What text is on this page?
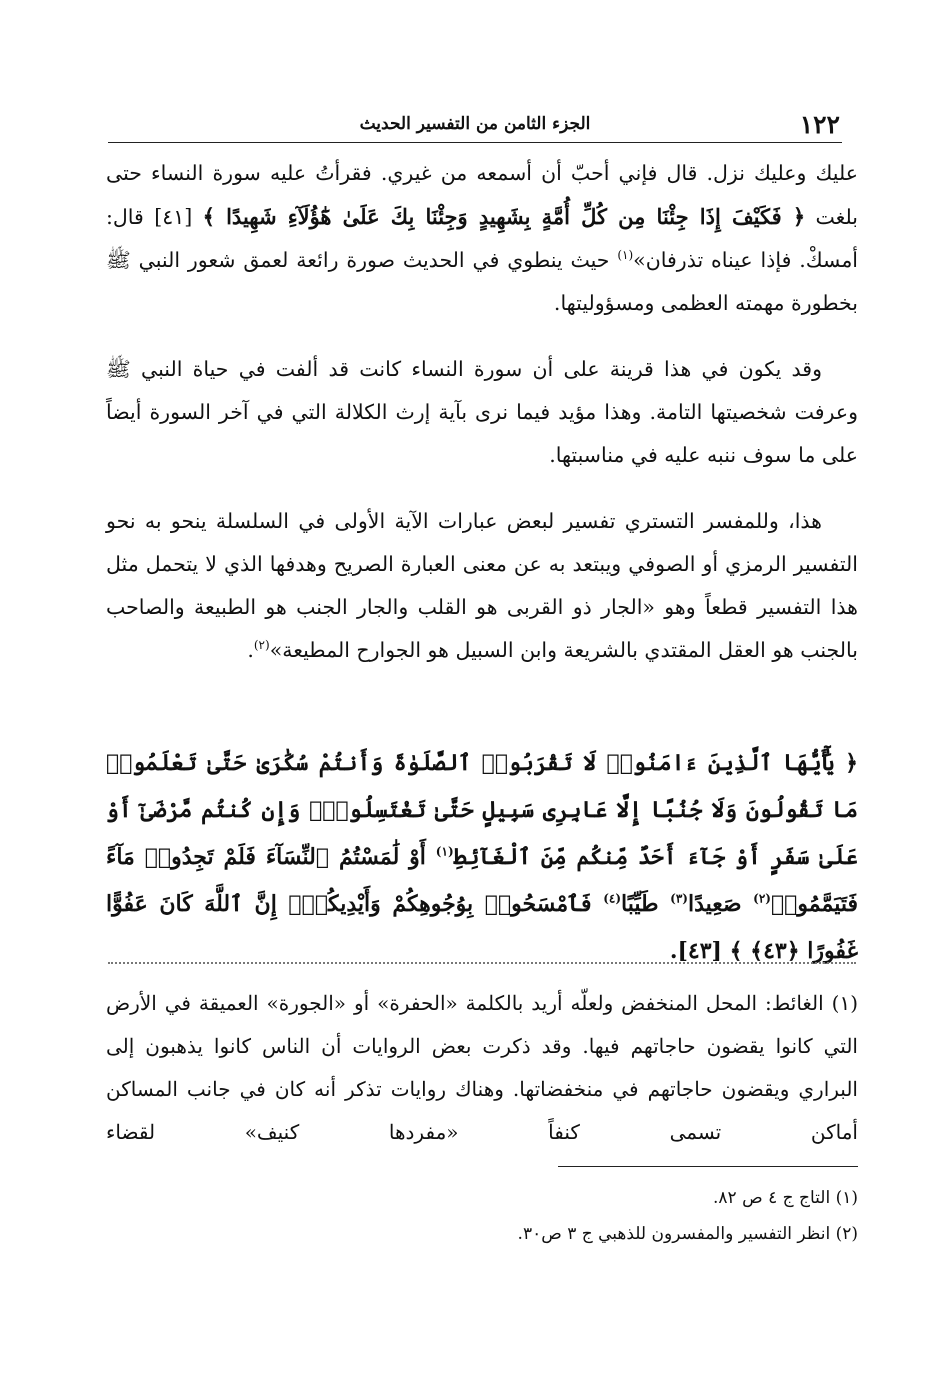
١٢٢
الجزء الثامن من التفسير الحديث

عليك وعليك نزل. قال فإني أحبّ أن أسمعه من غيري. فقرأتُ عليه سورة النساء حتى بلغت ﴿ فَكَيْفَ إِذَا جِئْنَا مِن كُلِّ أُمَّةٍ بِشَهِيدٍ وَجِئْنَا بِكَ عَلَىٰ هَٰٓؤُلَآءِ شَهِيدًا ﴾ [٤١] قال: أمسكْ. فإذا عيناه تذرفان»$^{(١)}$ حيث ينطوي في الحديث صورة رائعة لعمق شعور النبي ﷺ بخطورة مهمته العظمى ومسؤوليتها.

وقد يكون في هذا قرينة على أن سورة النساء كانت قد ألفت في حياة النبي ﷺ وعرفت شخصيتها التامة. وهذا مؤيد فيما نرى بآية إرث الكلالة التي في آخر السورة أيضاً على ما سوف ننبه عليه في مناسبتها.

هذا، وللمفسر التستري تفسير لبعض عبارات الآية الأولى في السلسلة ينحو به نحو التفسير الرمزي أو الصوفي ويبتعد به عن معنى العبارة الصريح وهدفها الذي لا يتحمل مثل هذا التفسير قطعاً وهو «الجار ذو القربى هو القلب والجار الجنب هو الطبيعة والصاحب بالجنب هو العقل المقتدي بالشريعة وابن السبيل هو الجوارح المطيعة»$^{(٢)}$.

﴿ يَٰٓأَيُّهَا ٱلَّذِينَ ءَامَنُوا۟ لَا تَقْرَبُوا۟ ٱلصَّلَوٰةَ وَأَنتُمْ سُكَٰرَىٰ حَتَّىٰ تَعْلَمُوا۟ مَا تَقُولُونَ وَلَا جُنُبًا إِلَّا عَابِرِى سَبِيلٍ حَتَّىٰ تَغْتَسِلُوا۟ۚ وَإِن كُنتُم مَّرْضَىٰٓ أَوْ عَلَىٰ سَفَرٍ أَوْ جَآءَ أَحَدٌ مِّنكُم مِّنَ ٱلْغَآئِطِ$^{(١)}$ أَوْ لَٰمَسْتُمُ ٱلنِّسَآءَ فَلَمْ تَجِدُوا۟ مَآءً فَتَيَمَّمُوا۟$^{(٢)}$ صَعِيدًا$^{(٣)}$ طَيِّبًا$^{(٤)}$ فَٱمْسَحُوا۟ بِوُجُوهِكُمْ وَأَيْدِيكُمْۗ إِنَّ ٱللَّهَ كَانَ عَفُوًّا غَفُورًا ﴿٤٣﴾ ﴾ [٤٣].
(١) الغائط: المحل المنخفض ولعلّه أريد بالكلمة «الحفرة» أو «الجورة» العميقة في الأرض التي كانوا يقضون حاجاتهم فيها. وقد ذكرت بعض الروايات أن الناس كانوا يذهبون إلى البراري ويقضون حاجاتهم في منخفضاتها. وهناك روايات تذكر أنه كان في جانب المساكن أماكن تسمى كنفاً «مفردها كنيف» لقضاء
(١) التاج ج ٤ ص ٨٢.
(٢) انظر التفسير والمفسرون للذهبي ج ٣ ص٣٠.
